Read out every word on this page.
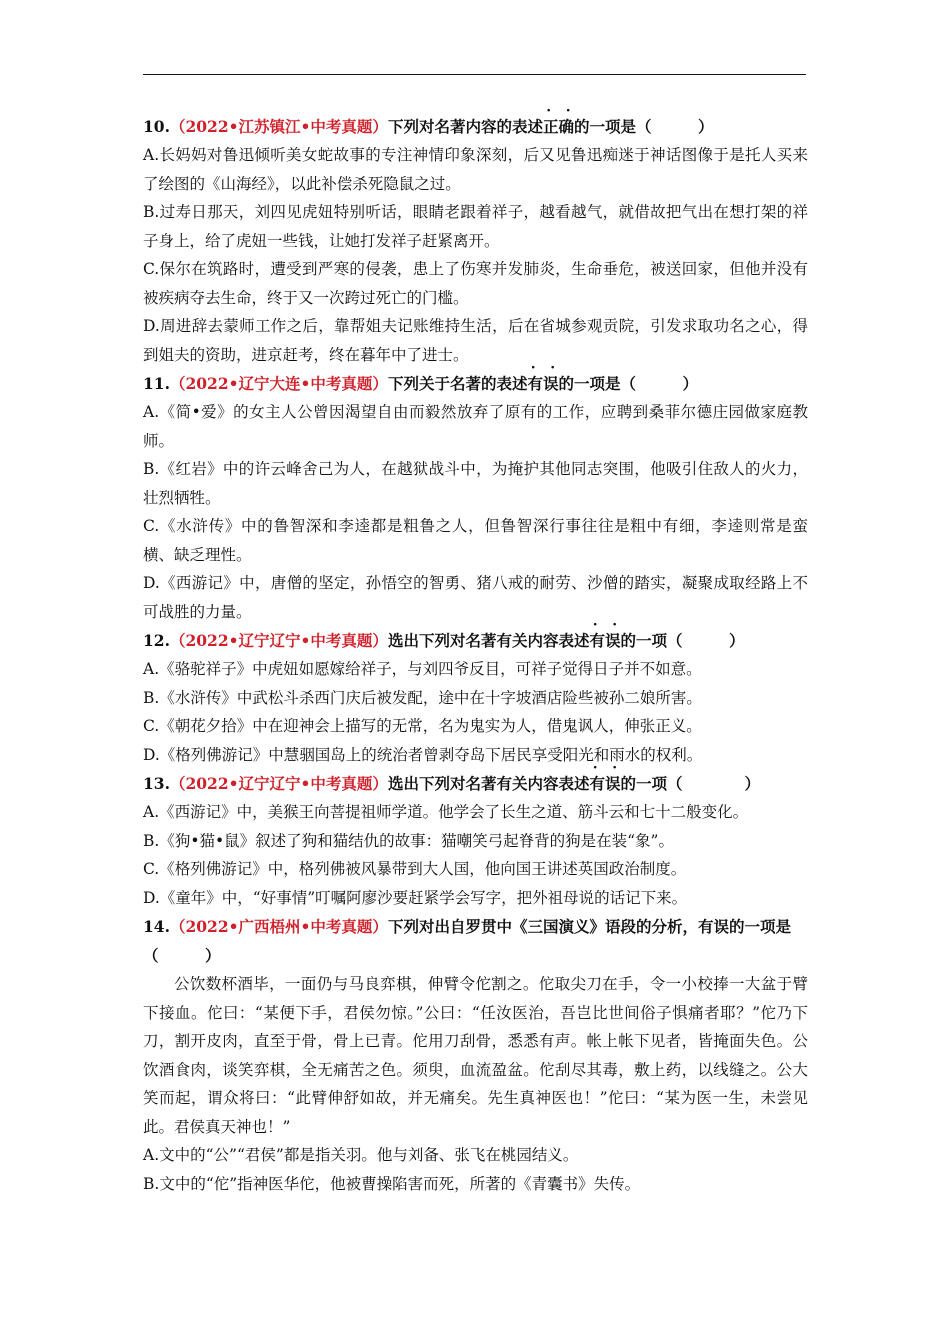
10.（2022•江苏镇江•中考真题）下列对名著内容的表述·   · 正确的一项是（　　　）

A.长妈妈对鲁迅倾听美女蛇故事的专注神情印象深刻，后又见鲁迅痴迷于神话图像于是托人买来了绘图的《山海经》，以此补偿杀死隐鼠之过。

B.过寿日那天，刘四见虎妞特别听话，眼睛老跟着祥子，越看越气，就借故把气出在想打架的祥子身上，给了虎妞一些钱，让她打发祥子赶紧离开。

C.保尔在筑路时，遭受到严寒的侵袭，患上了伤寒并发肺炎，生命垂危，被送回家，但他并没有被疾病夺去生命，终于又一次跨过死亡的门槛。

D.周进辞去蒙师工作之后，靠帮姐夫记账维持生活，后在省城参观贡院，引发求取功名之心，得到姐夫的资助，进京赶考，终在暮年中了进士。

11.（2022•辽宁大连•中考真题）下列关于名著的表述·   · 有误的一项是（　　　）

A.《简•爱》的女主人公曾因渴望自由而毅然放弃了原有的工作，应聘到桑菲尔德庄园做家庭教师。

B.《红岩》中的许云峰舍己为人，在越狱战斗中，为掩护其他同志突围，他吸引住敌人的火力，壮烈牺牲。

C.《水浒传》中的鲁智深和李逵都是粗鲁之人，但鲁智深行事往往是粗中有细，李逵则常是蛮横、缺乏理性。

D.《西游记》中，唐僧的坚定，孙悟空的智勇、猪八戒的耐劳、沙僧的踏实，凝聚成取经路上不可战胜的力量。

12.（2022•辽宁辽宁•中考真题）选出下列对名著有关内容表述·   · 有误的一项（　　　）

A.《骆驼祥子》中虎妞如愿嫁给祥子，与刘四爷反目，可祥子觉得日子并不如意。

B.《水浒传》中武松斗杀西门庆后被发配，途中在十字坡酒店险些被孙二娘所害。

C.《朝花夕拾》中在迎神会上描写的无常，名为鬼实为人，借鬼讽人，伸张正义。

D.《格列佛游记》中慧骃国岛上的统治者曾剥夺岛下居民享受阳光和雨水的权利。

13.（2022•辽宁辽宁•中考真题）选出下列对名著有关内容表述·   · 有误的一项（　　　　）

A.《西游记》中，美猴王向菩提祖师学道。他学会了长生之道、筋斗云和七十二般变化。

B.《狗•猫•鼠》叙述了狗和猫结仇的故事：猫嘲笑弓起脊背的狗是在装“象”。

C.《格列佛游记》中，格列佛被风暴带到大人国，他向国王讲述英国政治制度。

D.《童年》中，“好事情”叮嘱阿廖沙要赶紧学会写字，把外祖母说的话记下来。

14.（2022•广西梧州•中考真题）下列对出自罗贯中《三国演义》语段的分析，有误的一项是（　　　）

公饮数杯酒毕，一面仍与马良弈棋，伸臂令佗割之。佗取尖刀在手，令一小校捧一大盆于臂下接血。佗曰：“某便下手，君侯勿惊。”公曰：“任汝医治，吾岂比世间俗子惧痛者耶？”佗乃下刀，割开皮肉，直至于骨，骨上已青。佗用刀刮骨，悉悉有声。帐上帐下见者，皆掩面失色。公饮酒食肉，谈笑弈棋，全无痛苦之色。须臾，血流盈盆。佗刮尽其毒，敷上药，以线缝之。公大笑而起，谓众将曰：“此臂伸舒如故，并无痛矣。先生真神医也！”佗曰：“某为医一生，未尝见此。君侯真天神也！”

A.文中的“公”“君侯”都是指关羽。他与刘备、张飞在桃园结义。

B.文中的“佗”指神医华佗，他被曹操陷害而死，所著的《青囊书》失传。
